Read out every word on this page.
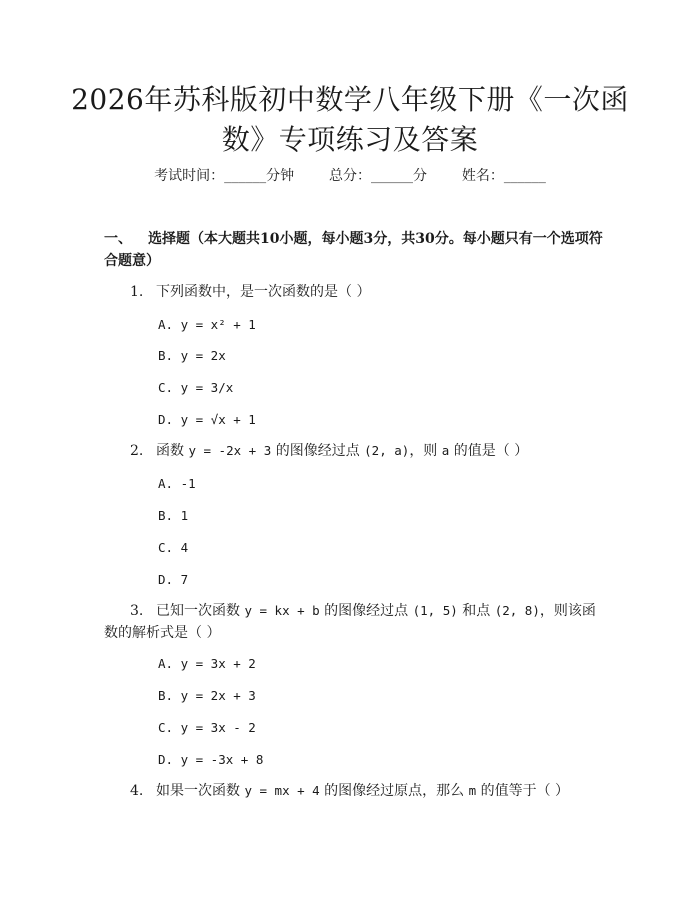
2026年苏科版初中数学八年级下册《一次函数》专项练习及答案
考试时间：______分钟 总分：______分 姓名：______
一、 选择题（本大题共10小题，每小题3分，共30分。每小题只有一个选项符合题意）
1. 下列函数中，是一次函数的是（ ）
A. y = x² + 1
B. y = 2x
C. y = 3/x
D. y = √x + 1
2. 函数 y = -2x + 3 的图像经过点 (2, a)，则 a 的值是（ ）
A. -1
B. 1
C. 4
D. 7
3. 已知一次函数 y = kx + b 的图像经过点 (1, 5) 和点 (2, 8)，则该函数的解析式是（ ）
A. y = 3x + 2
B. y = 2x + 3
C. y = 3x - 2
D. y = -3x + 8
4. 如果一次函数 y = mx + 4 的图像经过原点，那么 m 的值等于（ ）
